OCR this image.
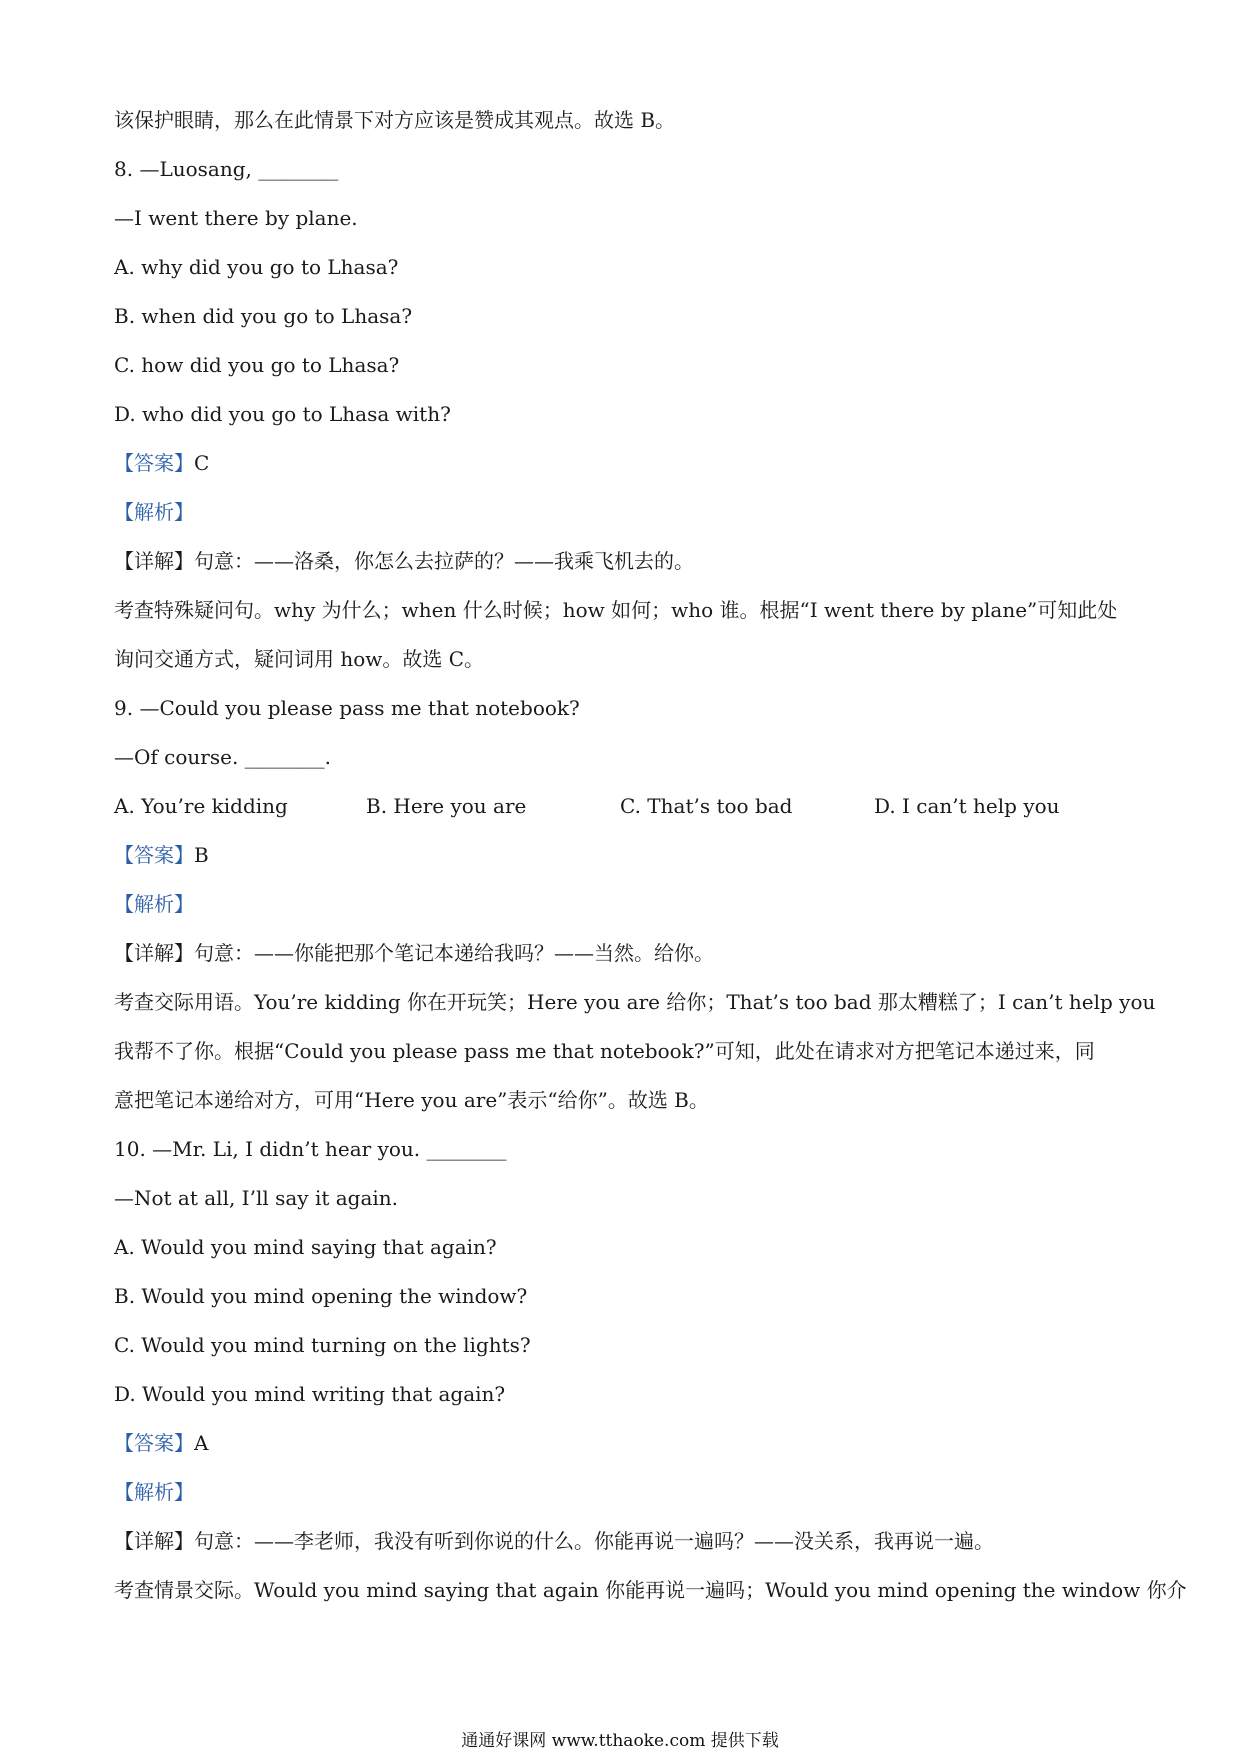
该保护眼睛，那么在此情景下对方应该是赞成其观点。故选 B。
8. —Luosang, ________
—I went there by plane.
A. why did you go to Lhasa?
B. when did you go to Lhasa?
C. how did you go to Lhasa?
D. who did you go to Lhasa with?
【答案】C
【解析】
【详解】句意：——洛桑，你怎么去拉萨的？——我乘飞机去的。
考查特殊疑问句。why 为什么；when 什么时候；how 如何；who 谁。根据“I went there by plane”可知此处
询问交通方式，疑问词用 how。故选 C。
9. —Could you please pass me that notebook?
—Of course. ________.
A. You’re kidding	B. Here you are	C. That’s too bad	D. I can’t help you
【答案】B
【解析】
【详解】句意：——你能把那个笔记本递给我吗？——当然。给你。
考查交际用语。You’re kidding 你在开玩笑；Here you are 给你；That’s too bad 那太糟糕了；I can’t help you
我帮不了你。根据“Could you please pass me that notebook?”可知，此处在请求对方把笔记本递过来，同
意把笔记本递给对方，可用“Here you are”表示“给你”。故选 B。
10. —Mr. Li, I didn’t hear you. ________
—Not at all, I’ll say it again.
A. Would you mind saying that again?
B. Would you mind opening the window?
C. Would you mind turning on the lights?
D. Would you mind writing that again?
【答案】A
【解析】
【详解】句意：——李老师，我没有听到你说的什么。你能再说一遍吗？——没关系，我再说一遍。
考查情景交际。Would you mind saying that again 你能再说一遍吗；Would you mind opening the window 你介
通通好课网 www.tthaoke.com 提供下载
